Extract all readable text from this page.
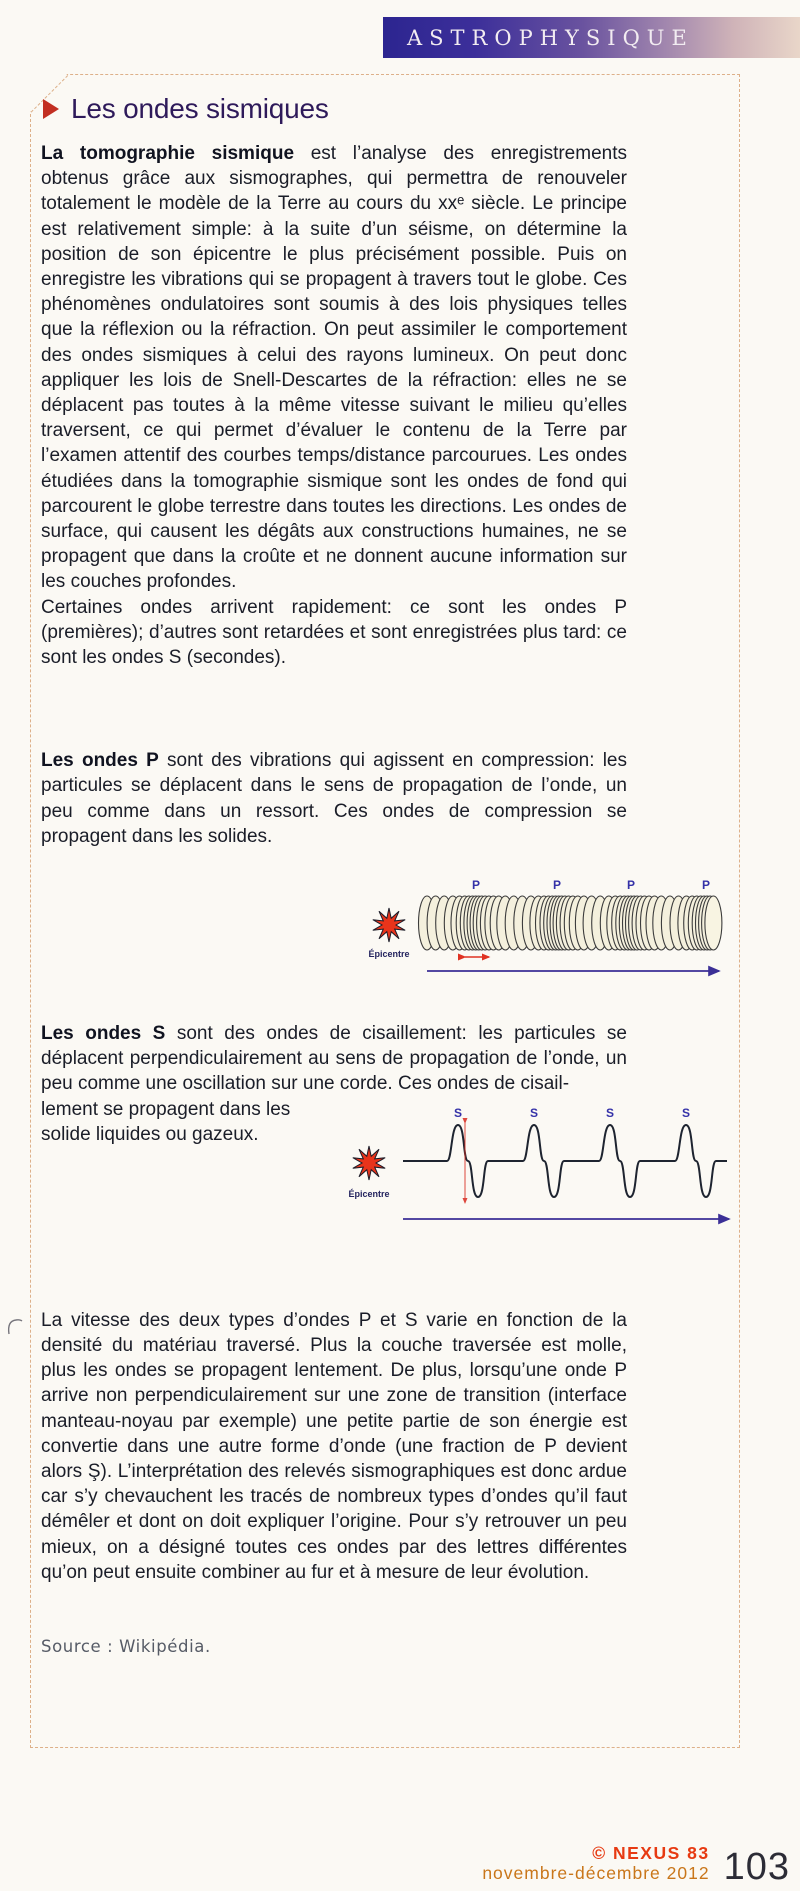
ASTROPHYSIQUE
Les ondes sismiques

La tomographie sismique est l’analyse des enregistrements obtenus grâce aux sismographes, qui permettra de renouveler totalement le modèle de la Terre au cours du xxᵉ siècle. Le principe est relativement simple: à la suite d’un séisme, on détermine la position de son épicentre le plus précisément possible. Puis on enregistre les vibrations qui se propagent à travers tout le globe. Ces phénomènes ondulatoires sont soumis à des lois physiques telles que la réflexion ou la réfraction. On peut assimiler le comportement des ondes sismiques à celui des rayons lumineux. On peut donc appliquer les lois de Snell-Descartes de la réfraction: elles ne se déplacent pas toutes à la même vitesse suivant le milieu qu’elles traversent, ce qui permet d’évaluer le contenu de la Terre par l’examen attentif des courbes temps/distance parcourues. Les ondes étudiées dans la tomographie sismique sont les ondes de fond qui parcourent le globe terrestre dans toutes les directions. Les ondes de surface, qui causent les dégâts aux constructions humaines, ne se propagent que dans la croûte et ne donnent aucune information sur les couches profondes.

Certaines ondes arrivent rapidement: ce sont les ondes P (premières); d’autres sont retardées et sont enregistrées plus tard: ce sont les ondes S (secondes).

Les ondes P sont des vibrations qui agissent en compression: les particules se déplacent dans le sens de propagation de l’onde, un peu comme dans un ressort. Ces ondes de compression se propagent dans les solides.

Épicentre
P	P	P	P

Les ondes S sont des ondes de cisaillement: les particules se déplacent perpendiculairement au sens de propagation de l’onde, un peu comme une oscillation sur une corde. Ces ondes de cisail-

lement se propagent dans les solide liquides ou gazeux.
Épicentre
S	S	S	S

La vitesse des deux types d’ondes P et S varie en fonction de la densité du matériau traversé. Plus la couche traversée est molle, plus les ondes se propagent lentement. De plus, lorsqu’une onde P arrive non perpendiculairement sur une zone de transition (interface manteau-noyau par exemple) une petite partie de son énergie est convertie dans une autre forme d’onde (une fraction de P devient alors Ş). L’interprétation des relevés sismographiques est donc ardue car s’y chevauchent les tracés de nombreux types d’ondes qu’il faut démêler et dont on doit expliquer l’origine. Pour s’y retrouver un peu mieux, on a désigné toutes ces ondes par des lettres différentes qu’on peut ensuite combiner au fur et à mesure de leur évolution.

Source : Wikipédia.
© NEXUS 83
novembre-décembre 2012 103
